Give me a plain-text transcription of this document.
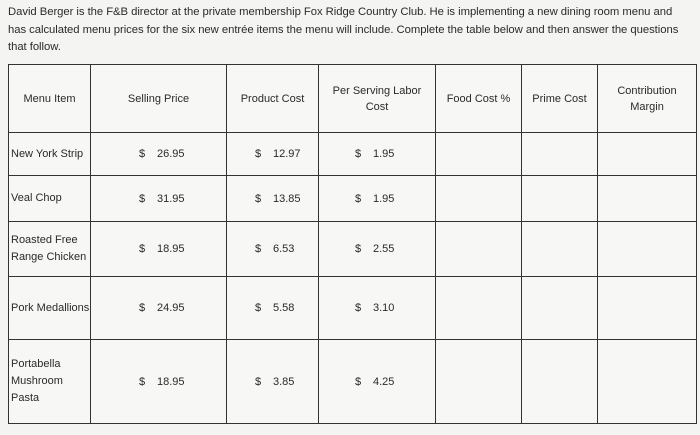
David Berger is the F&B director at the private membership Fox Ridge Country Club. He is implementing a new dining room menu and has calculated menu prices for the six new entrée items the menu will include. Complete the table below and then answer the questions that follow.
Menu Item	Selling Price	Product Cost	Per Serving Labor Cost	Food Cost %	Prime Cost	Contribution Margin
New York Strip	$ 26.95	$ 12.97	$ 1.95			
Veal Chop	$ 31.95	$ 13.85	$ 1.95			
Roasted Free Range Chicken	$ 18.95	$ 6.53	$ 2.55			
Pork Medallions	$ 24.95	$ 5.58	$ 3.10			
Portabella Mushroom Pasta	$ 18.95	$ 3.85	$ 4.25			
